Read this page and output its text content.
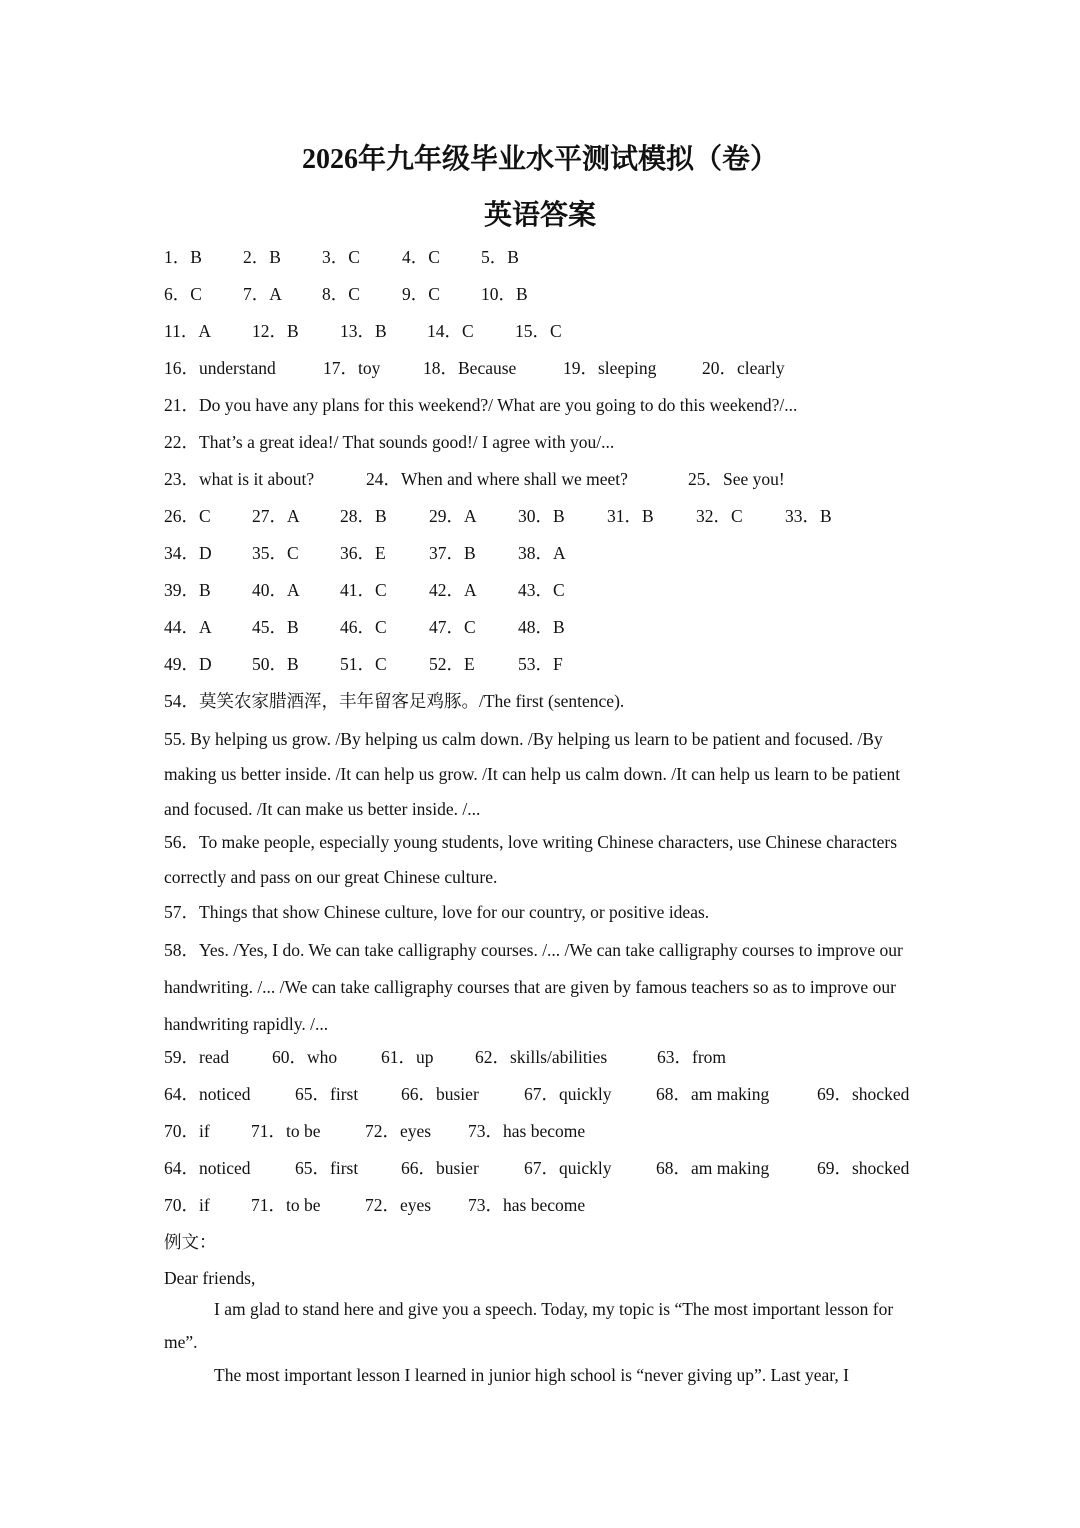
2026年九年级毕业水平测试模拟（卷）
英语答案
1．B 2．B 3．C 4．C 5．B
6．C 7．A 8．C 9．C 10．B
11．A 12．B 13．B 14．C 15．C
16．understand	17．toy 18．Because	19．sleeping	20．clearly
21．Do you have any plans for this weekend?/ What are you going to do this weekend?/...
22．That’s a great idea!/ That sounds good!/ I agree with you/...
23．what is it about?	24．When and where shall we meet?	25．See you!
26．C 27．A 28．B 29．A 30．B 31．B 32．C 33．B
34．D 35．C 36．E 37．B 38．A
39．B 40．A 41．C 42．A 43．C
44．A 45．B 46．C 47．C 48．B
49．D 50．B 51．C 52．E 53．F
54．莫笑农家腊酒浑，丰年留客足鸡豚。/The first (sentence).
55. By helping us grow. /By helping us calm down. /By helping us learn to be patient and focused. /By making us better inside. /It can help us grow. /It can help us calm down. /It can help us learn to be patient and focused. /It can make us better inside. /...
56．To make people, especially young students, love writing Chinese characters, use Chinese characters correctly and pass on our great Chinese culture.
57．Things that show Chinese culture, love for our country, or positive ideas.
58．Yes. /Yes, I do. We can take calligraphy courses. /... /We can take calligraphy courses to improve our handwriting. /... /We can take calligraphy courses that are given by famous teachers so as to improve our handwriting rapidly. /...
59．read 60．who	61．up 62．skills/abilities	63．from
64．noticed	65．first 66．busier	67．quickly	68．am making	69．shocked
70．if 71．to be	72．eyes 73．has become
64．noticed	65．first 66．busier	67．quickly	68．am making	69．shocked
70．if 71．to be	72．eyes 73．has become
例文：
Dear friends,
I am glad to stand here and give you a speech. Today, my topic is “The most important lesson for me”.
The most important lesson I learned in junior high school is “never giving up”. Last year, I
